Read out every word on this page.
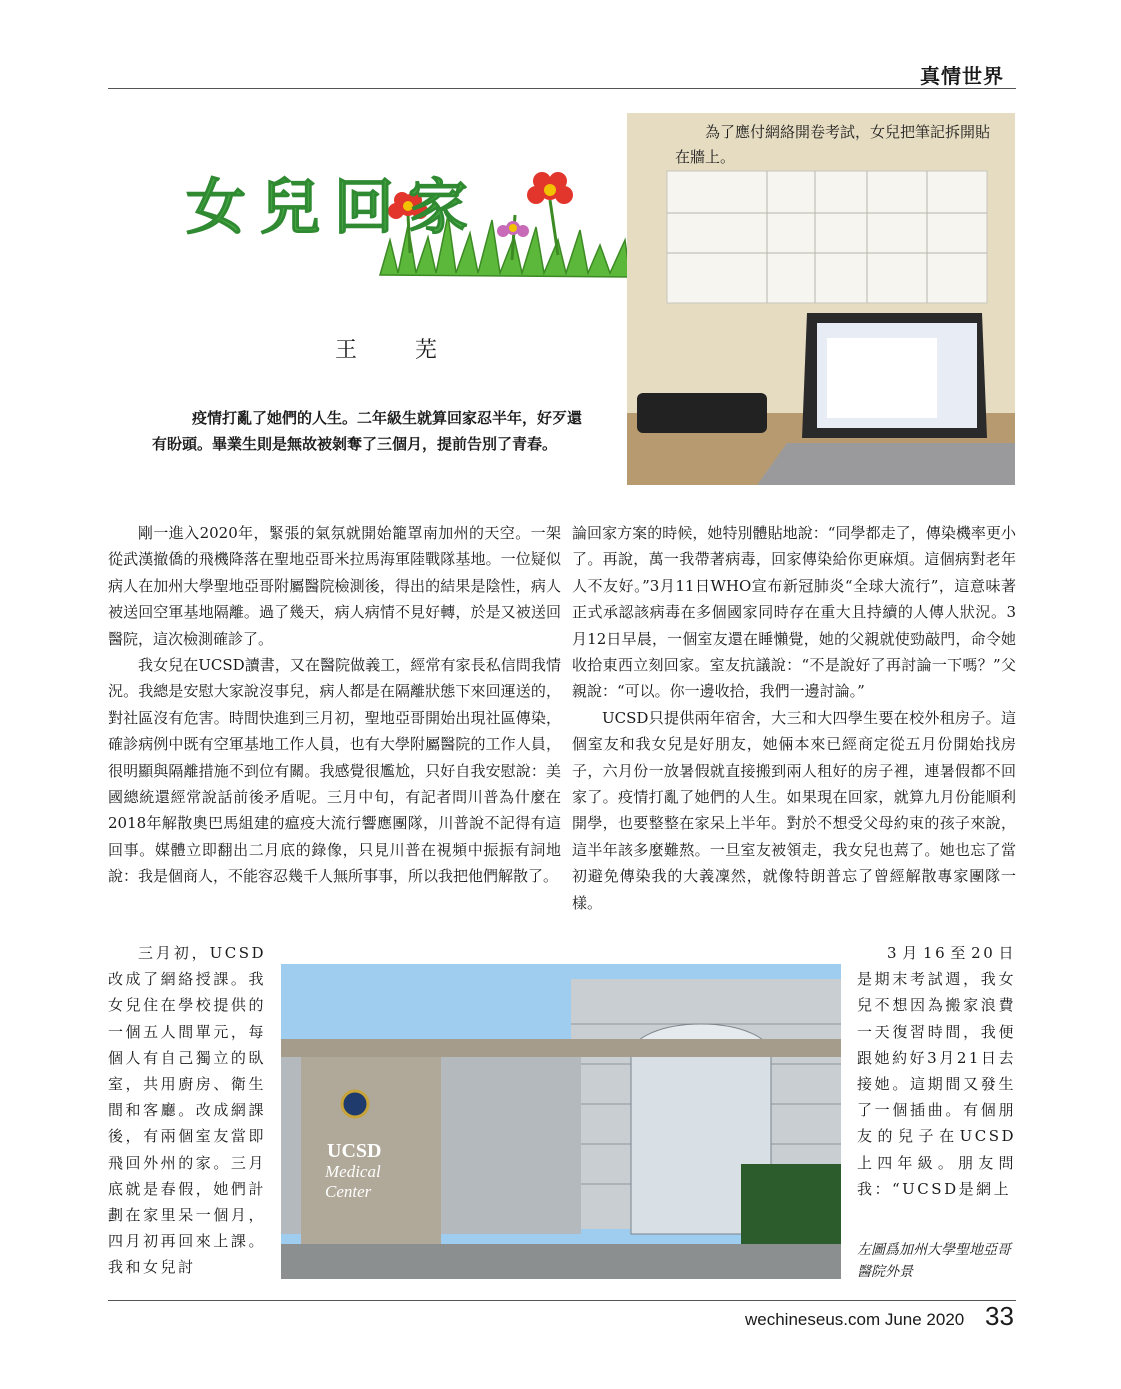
真情世界
女兒回家
王　芜

疫情打亂了她們的人生。二年級生就算回家忍半年，好歹還有盼頭。畢業生則是無故被剝奪了三個月，提前告別了青春。

為了應付網絡開卷考試，女兒把筆記拆開貼在牆上。

剛一進入2020年，緊張的氣氛就開始籠罩南加州的天空。一架從武漢撤僑的飛機降落在聖地亞哥米拉馬海軍陸戰隊基地。一位疑似病人在加州大學聖地亞哥附屬醫院檢測後，得出的結果是陰性，病人被送回空軍基地隔離。過了幾天，病人病情不見好轉，於是又被送回醫院，這次檢測確診了。

我女兒在UCSD讀書，又在醫院做義工，經常有家長私信問我情況。我總是安慰大家說沒事兒，病人都是在隔離狀態下來回運送的，對社區沒有危害。時間快進到三月初，聖地亞哥開始出現社區傳染，確診病例中既有空軍基地工作人員，也有大學附屬醫院的工作人員，很明顯與隔離措施不到位有關。我感覺很尷尬，只好自我安慰說：美國總統還經常說話前後矛盾呢。三月中旬，有記者問川普為什麼在2018年解散奧巴馬組建的瘟疫大流行響應團隊，川普說不記得有這回事。媒體立即翻出二月底的錄像，只見川普在視頻中振振有詞地說：我是個商人，不能容忍幾千人無所事事，所以我把他們解散了。

論回家方案的時候，她特別體貼地說：“同學都走了，傳染機率更小了。再說，萬一我帶著病毒，回家傳染給你更麻煩。這個病對老年人不友好。”3月11日WHO宣布新冠肺炎“全球大流行”，這意味著正式承認該病毒在多個國家同時存在重大且持續的人傳人狀況。3月12日早晨，一個室友還在睡懶覺，她的父親就使勁敲門，命令她收拾東西立刻回家。室友抗議說：“不是說好了再討論一下嗎？”父親說：“可以。你一邊收拾，我們一邊討論。”

UCSD只提供兩年宿舍，大三和大四學生要在校外租房子。這個室友和我女兒是好朋友，她倆本來已經商定從五月份開始找房子，六月份一放暑假就直接搬到兩人租好的房子裡，連暑假都不回家了。疫情打亂了她們的人生。如果現在回家，就算九月份能順利開學，也要整整在家呆上半年。對於不想受父母約束的孩子來說，這半年該多麼難熬。一旦室友被領走，我女兒也蔫了。她也忘了當初避免傳染我的大義凜然，就像特朗普忘了曾經解散專家團隊一樣。

三月初，UCSD改成了網絡授課。我女兒住在學校提供的一個五人間單元，每個人有自己獨立的臥室，共用廚房、衛生間和客廳。改成網課後，有兩個室友當即飛回外州的家。三月底就是春假，她們計劃在家里呆一個月，四月初再回來上課。我和女兒討

3月16至20日是期末考試週，我女兒不想因為搬家浪費一天復習時間，我便跟她約好3月21日去接她。這期間又發生了一個插曲。有個朋友的兒子在UCSD上四年級。朋友問我：“UCSD是網上

UCSD
Medical
Center
左圖爲加州大學聖地亞哥醫院外景
wechineseus.com June 2020 33
